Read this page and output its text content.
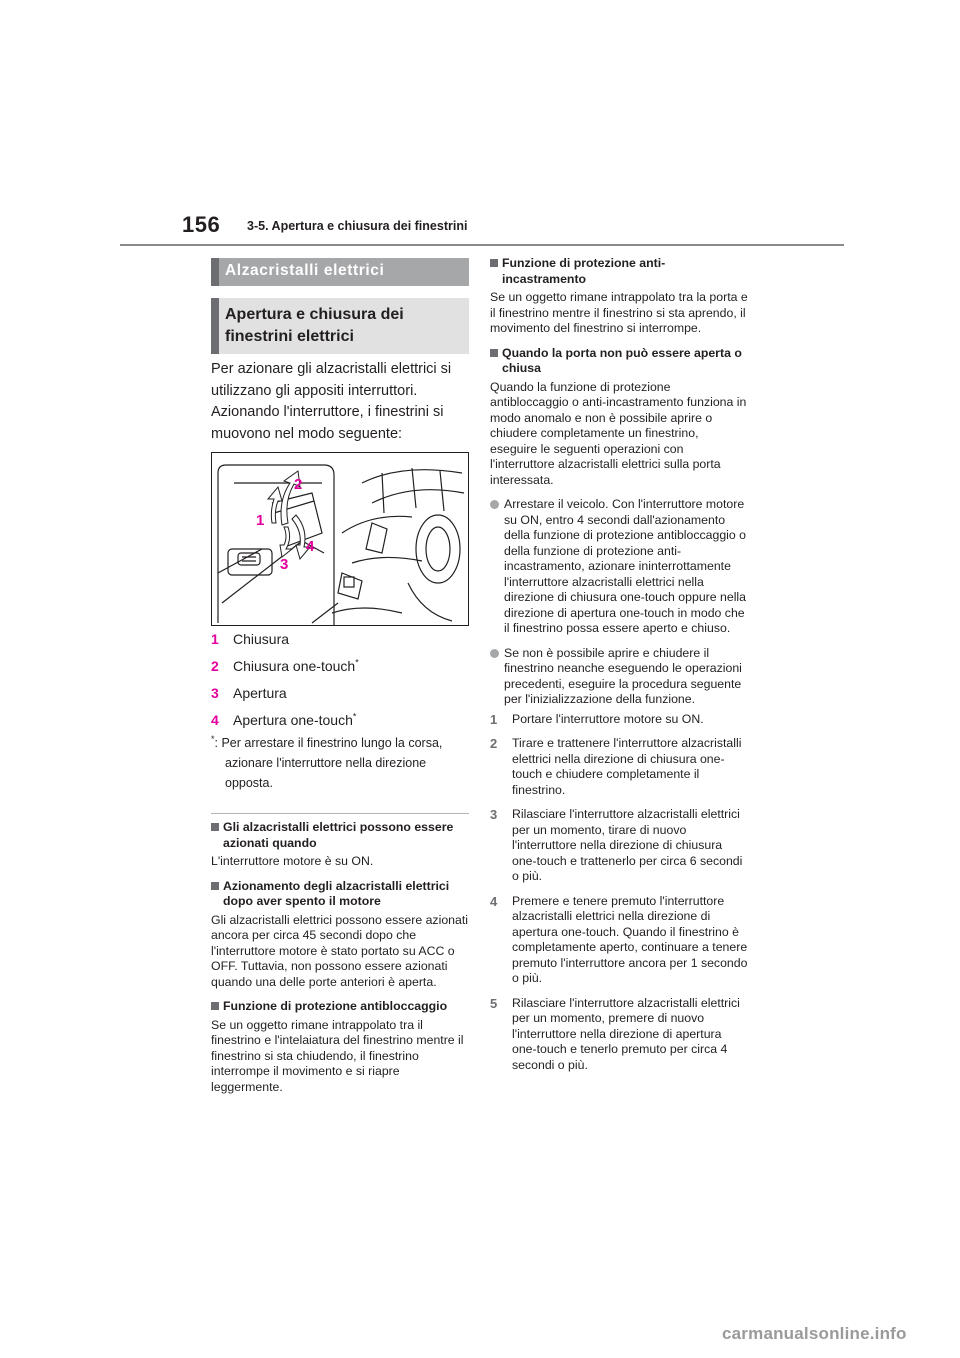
156 3-5. Apertura e chiusura dei finestrini
Alzacristalli elettrici
Apertura e chiusura dei finestrini elettrici
Per azionare gli alzacristalli elettrici si utilizzano gli appositi interruttori. Azionando l'interruttore, i finestrini si muovono nel modo seguente:
1
2
3
4
1 Chiusura
2 Chiusura one-touch*
3 Apertura
4 Apertura one-touch*
*: Per arrestare il finestrino lungo la corsa, azionare l'interruttore nella direzione opposta.
Gli alzacristalli elettrici possono essere azionati quando
L'interruttore motore è su ON.
Azionamento degli alzacristalli elettrici dopo aver spento il motore
Gli alzacristalli elettrici possono essere azionati ancora per circa 45 secondi dopo che l'interruttore motore è stato portato su ACC o OFF. Tuttavia, non possono essere azionati quando una delle porte anteriori è aperta.
Funzione di protezione antibloccaggio
Se un oggetto rimane intrappolato tra il finestrino e l'intelaiatura del finestrino mentre il finestrino si sta chiudendo, il finestrino interrompe il movimento e si riapre leggermente.
Funzione di protezione anti-incastramento
Se un oggetto rimane intrappolato tra la porta e il finestrino mentre il finestrino si sta aprendo, il movimento del finestrino si interrompe.
Quando la porta non può essere aperta o chiusa
Quando la funzione di protezione antibloccaggio o anti-incastramento funziona in modo anomalo e non è possibile aprire o chiudere completamente un finestrino, eseguire le seguenti operazioni con l'interruttore alzacristalli elettrici sulla porta interessata.
Arrestare il veicolo. Con l'interruttore motore su ON, entro 4 secondi dall'azionamento della funzione di protezione antibloccaggio o della funzione di protezione anti-incastramento, azionare ininterrottamente l'interruttore alzacristalli elettrici nella direzione di chiusura one-touch oppure nella direzione di apertura one-touch in modo che il finestrino possa essere aperto e chiuso.
Se non è possibile aprire e chiudere il finestrino neanche eseguendo le operazioni precedenti, eseguire la procedura seguente per l'inizializzazione della funzione.
1 Portare l'interruttore motore su ON.
2 Tirare e trattenere l'interruttore alzacristalli elettrici nella direzione di chiusura one-touch e chiudere completamente il finestrino.
3 Rilasciare l'interruttore alzacristalli elettrici per un momento, tirare di nuovo l'interruttore nella direzione di chiusura one-touch e trattenerlo per circa 6 secondi o più.
4 Premere e tenere premuto l'interruttore alzacristalli elettrici nella direzione di apertura one-touch. Quando il finestrino è completamente aperto, continuare a tenere premuto l'interruttore ancora per 1 secondo o più.
5 Rilasciare l'interruttore alzacristalli elettrici per un momento, premere di nuovo l'interruttore nella direzione di apertura one-touch e tenerlo premuto per circa 4 secondi o più.
carmanualsonline.info
